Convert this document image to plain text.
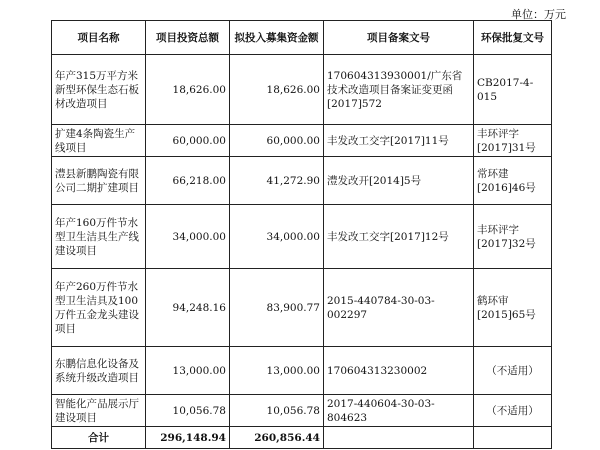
单位：万元
项目名称	项目投资总额	拟投入募集资金额	项目备案文号	环保批复文号
年产315万平方米新型环保生态石板材改造项目	18,626.00	18,626.00	170604313930001/广东省技术改造项目备案证变更函[2017]572	CB2017-4-015
扩建4条陶瓷生产线项目	60,000.00	60,000.00	丰发改工交字[2017]11号	丰环评字[2017]31号
澧县新鹏陶瓷有限公司二期扩建项目	66,218.00	41,272.90	澧发改开[2014]5号	常环建[2016]46号
年产160万件节水型卫生洁具生产线建设项目	34,000.00	34,000.00	丰发改工交字[2017]12号	丰环评字[2017]32号
年产260万件节水型卫生洁具及100万件五金龙头建设项目	94,248.16	83,900.77	2015-440784-30-03-002297	鹤环审[2015]65号
东鹏信息化设备及系统升级改造项目	13,000.00	13,000.00	170604313230002	（不适用）
智能化产品展示厅建设项目	10,056.78	10,056.78	2017-440604-30-03-804623	（不适用）
合计	296,148.94	260,856.44		
